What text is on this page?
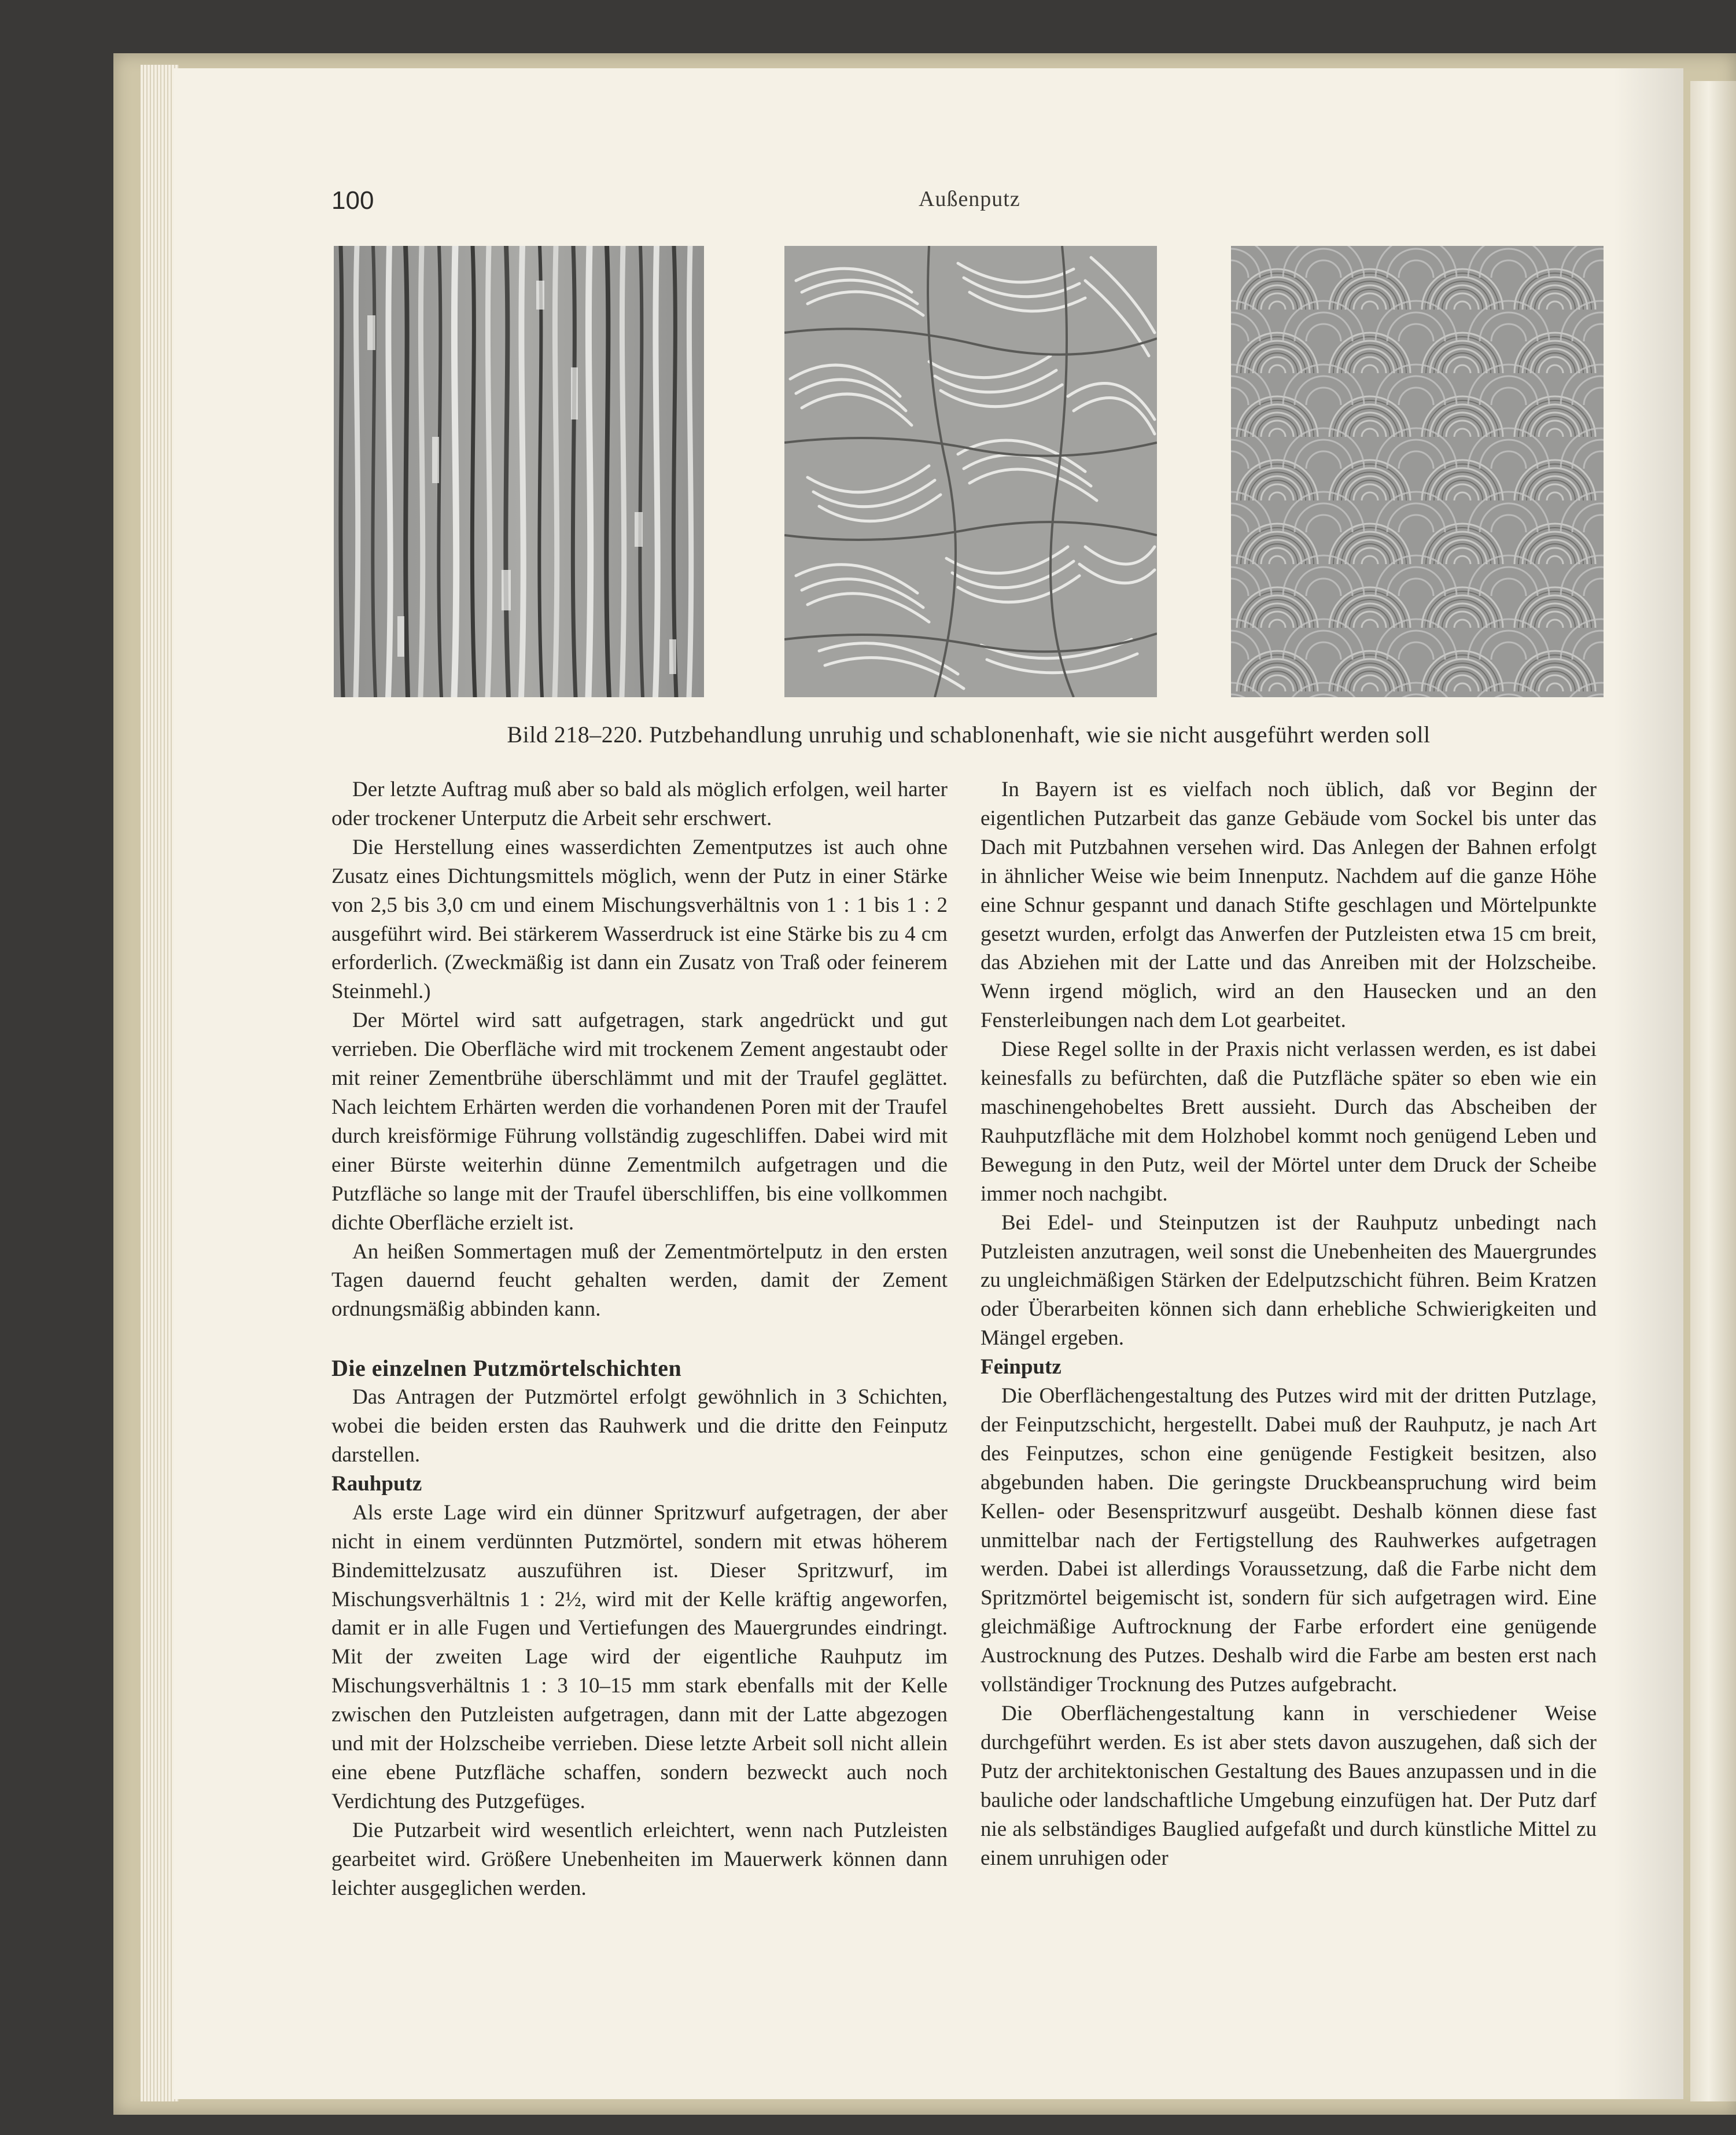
100	Außenputz
Bild 218–220. Putzbehandlung unruhig und schablonenhaft, wie sie nicht ausgeführt werden soll

Der letzte Auftrag muß aber so bald als möglich erfolgen, weil harter oder trockener Unterputz die Arbeit sehr erschwert.

Die Herstellung eines wasserdichten Zementputzes ist auch ohne Zusatz eines Dichtungsmittels möglich, wenn der Putz in einer Stärke von 2,5 bis 3,0 cm und einem Mischungsverhältnis von 1 : 1 bis 1 : 2 ausgeführt wird. Bei stärkerem Wasserdruck ist eine Stärke bis zu 4 cm erforderlich. (Zweckmäßig ist dann ein Zusatz von Traß oder feinerem Steinmehl.)

Der Mörtel wird satt aufgetragen, stark angedrückt und gut verrieben. Die Oberfläche wird mit trockenem Zement angestaubt oder mit reiner Zementbrühe überschlämmt und mit der Traufel geglättet. Nach leichtem Erhärten werden die vorhandenen Poren mit der Traufel durch kreisförmige Führung vollständig zugeschliffen. Dabei wird mit einer Bürste weiterhin dünne Zementmilch aufgetragen und die Putzfläche so lange mit der Traufel überschliffen, bis eine vollkommen dichte Oberfläche erzielt ist.

An heißen Sommertagen muß der Zementmörtelputz in den ersten Tagen dauernd feucht gehalten werden, damit der Zement ordnungsmäßig abbinden kann.

Die einzelnen Putzmörtelschichten

Das Antragen der Putzmörtel erfolgt gewöhnlich in 3 Schichten, wobei die beiden ersten das Rauhwerk und die dritte den Feinputz darstellen.

Rauhputz

Als erste Lage wird ein dünner Spritzwurf aufgetragen, der aber nicht in einem verdünnten Putzmörtel, sondern mit etwas höherem Bindemittelzusatz auszuführen ist. Dieser Spritzwurf, im Mischungsverhältnis 1 : 2½, wird mit der Kelle kräftig angeworfen, damit er in alle Fugen und Vertiefungen des Mauergrundes eindringt. Mit der zweiten Lage wird der eigentliche Rauhputz im Mischungsverhältnis 1 : 3 10–15 mm stark ebenfalls mit der Kelle zwischen den Putzleisten aufgetragen, dann mit der Latte abgezogen und mit der Holzscheibe verrieben. Diese letzte Arbeit soll nicht allein eine ebene Putzfläche schaffen, sondern bezweckt auch noch Verdichtung des Putzgefüges.

Die Putzarbeit wird wesentlich erleichtert, wenn nach Putzleisten gearbeitet wird. Größere Unebenheiten im Mauerwerk können dann leichter ausgeglichen werden.

In Bayern ist es vielfach noch üblich, daß vor Beginn der eigentlichen Putzarbeit das ganze Gebäude vom Sockel bis unter das Dach mit Putzbahnen versehen wird. Das Anlegen der Bahnen erfolgt in ähnlicher Weise wie beim Innenputz. Nachdem auf die ganze Höhe eine Schnur gespannt und danach Stifte geschlagen und Mörtelpunkte gesetzt wurden, erfolgt das Anwerfen der Putzleisten etwa 15 cm breit, das Abziehen mit der Latte und das Anreiben mit der Holzscheibe. Wenn irgend möglich, wird an den Hausecken und an den Fensterleibungen nach dem Lot gearbeitet.

Diese Regel sollte in der Praxis nicht verlassen werden, es ist dabei keinesfalls zu befürchten, daß die Putzfläche später so eben wie ein maschinengehobeltes Brett aussieht. Durch das Abscheiben der Rauhputzfläche mit dem Holzhobel kommt noch genügend Leben und Bewegung in den Putz, weil der Mörtel unter dem Druck der Scheibe immer noch nachgibt.

Bei Edel- und Steinputzen ist der Rauhputz unbedingt nach Putzleisten anzutragen, weil sonst die Unebenheiten des Mauergrundes zu ungleichmäßigen Stärken der Edelputzschicht führen. Beim Kratzen oder Überarbeiten können sich dann erhebliche Schwierigkeiten und Mängel ergeben.

Feinputz

Die Oberflächengestaltung des Putzes wird mit der dritten Putzlage, der Feinputzschicht, hergestellt. Dabei muß der Rauhputz, je nach Art des Feinputzes, schon eine genügende Festigkeit besitzen, also abgebunden haben. Die geringste Druckbeanspruchung wird beim Kellen- oder Besenspritzwurf ausgeübt. Deshalb können diese fast unmittelbar nach der Fertigstellung des Rauhwerkes aufgetragen werden. Dabei ist allerdings Voraussetzung, daß die Farbe nicht dem Spritzmörtel beigemischt ist, sondern für sich aufgetragen wird. Eine gleichmäßige Auftrocknung der Farbe erfordert eine genügende Austrocknung des Putzes. Deshalb wird die Farbe am besten erst nach vollständiger Trocknung des Putzes aufgebracht.

Die Oberflächengestaltung kann in verschiedener Weise durchgeführt werden. Es ist aber stets davon auszugehen, daß sich der Putz der architektonischen Gestaltung des Baues anzupassen und in die bauliche oder landschaftliche Umgebung einzufügen hat. Der Putz darf nie als selbständiges Bauglied aufgefaßt und durch künstliche Mittel zu einem unruhigen oder
